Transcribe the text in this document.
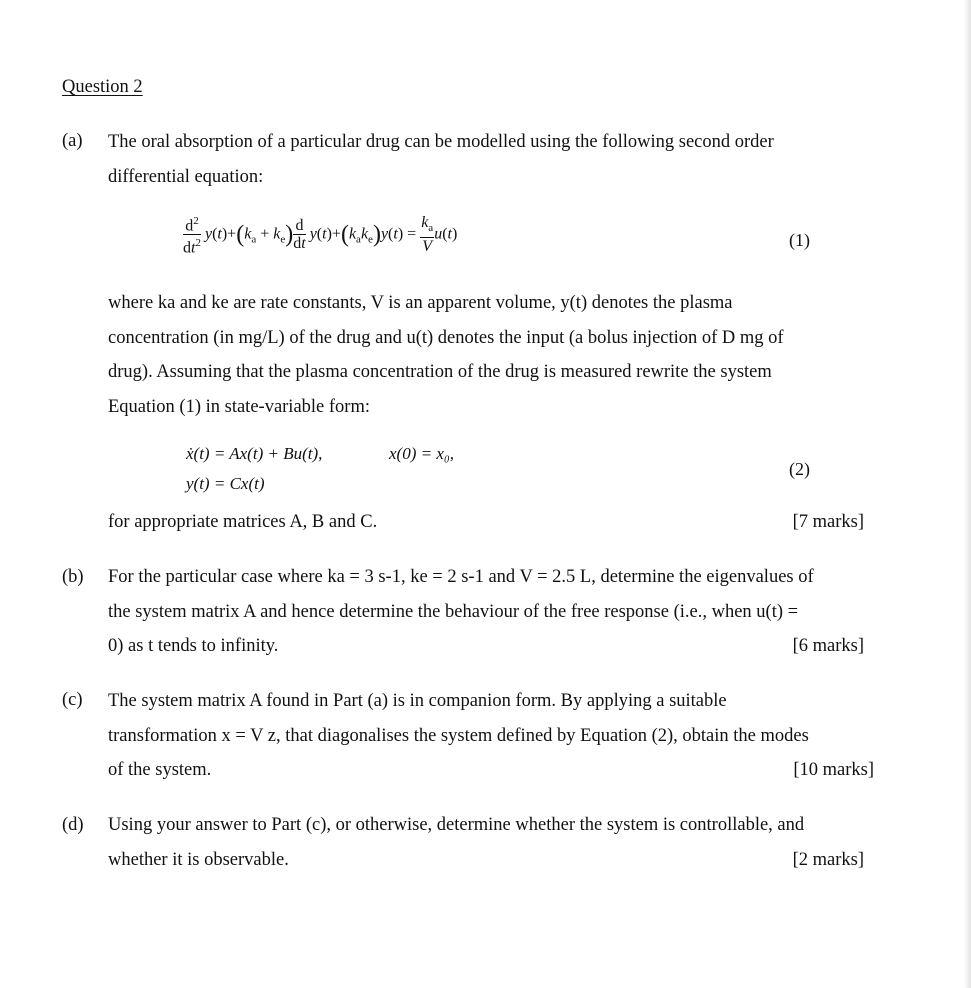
Question 2
(a) The oral absorption of a particular drug can be modelled using the following second order
differential equation:
$\frac{d^2}{dt^2} y(t)+(k_a + k_e) \frac{d}{dt} y(t)+(k_ak_e)y(t) = \frac{k_a}{V} u(t)$	(1)
where ka and ke are rate constants, V is an apparent volume, y(t) denotes the plasma
concentration (in mg/L) of the drug and u(t) denotes the input (a bolus injection of D mg of
drug). Assuming that the plasma concentration of the drug is measured rewrite the system
Equation (1) in state-variable form:
ẋ(t) = Ax(t) + Bu(t),	x(0) = x₀,
y(t) = Cx(t)
(2)
for appropriate matrices A, B and C.	[7 marks]
(b) For the particular case where ka = 3 s-1, ke = 2 s-1 and V = 2.5 L, determine the eigenvalues of
the system matrix A and hence determine the behaviour of the free response (i.e., when u(t) =
0) as t tends to infinity.	[6 marks]
(c) The system matrix A found in Part (a) is in companion form. By applying a suitable
transformation x = V z, that diagonalises the system defined by Equation (2), obtain the modes
of the system.	[10 marks]
(d) Using your answer to Part (c), or otherwise, determine whether the system is controllable, and
whether it is observable.	[2 marks]
